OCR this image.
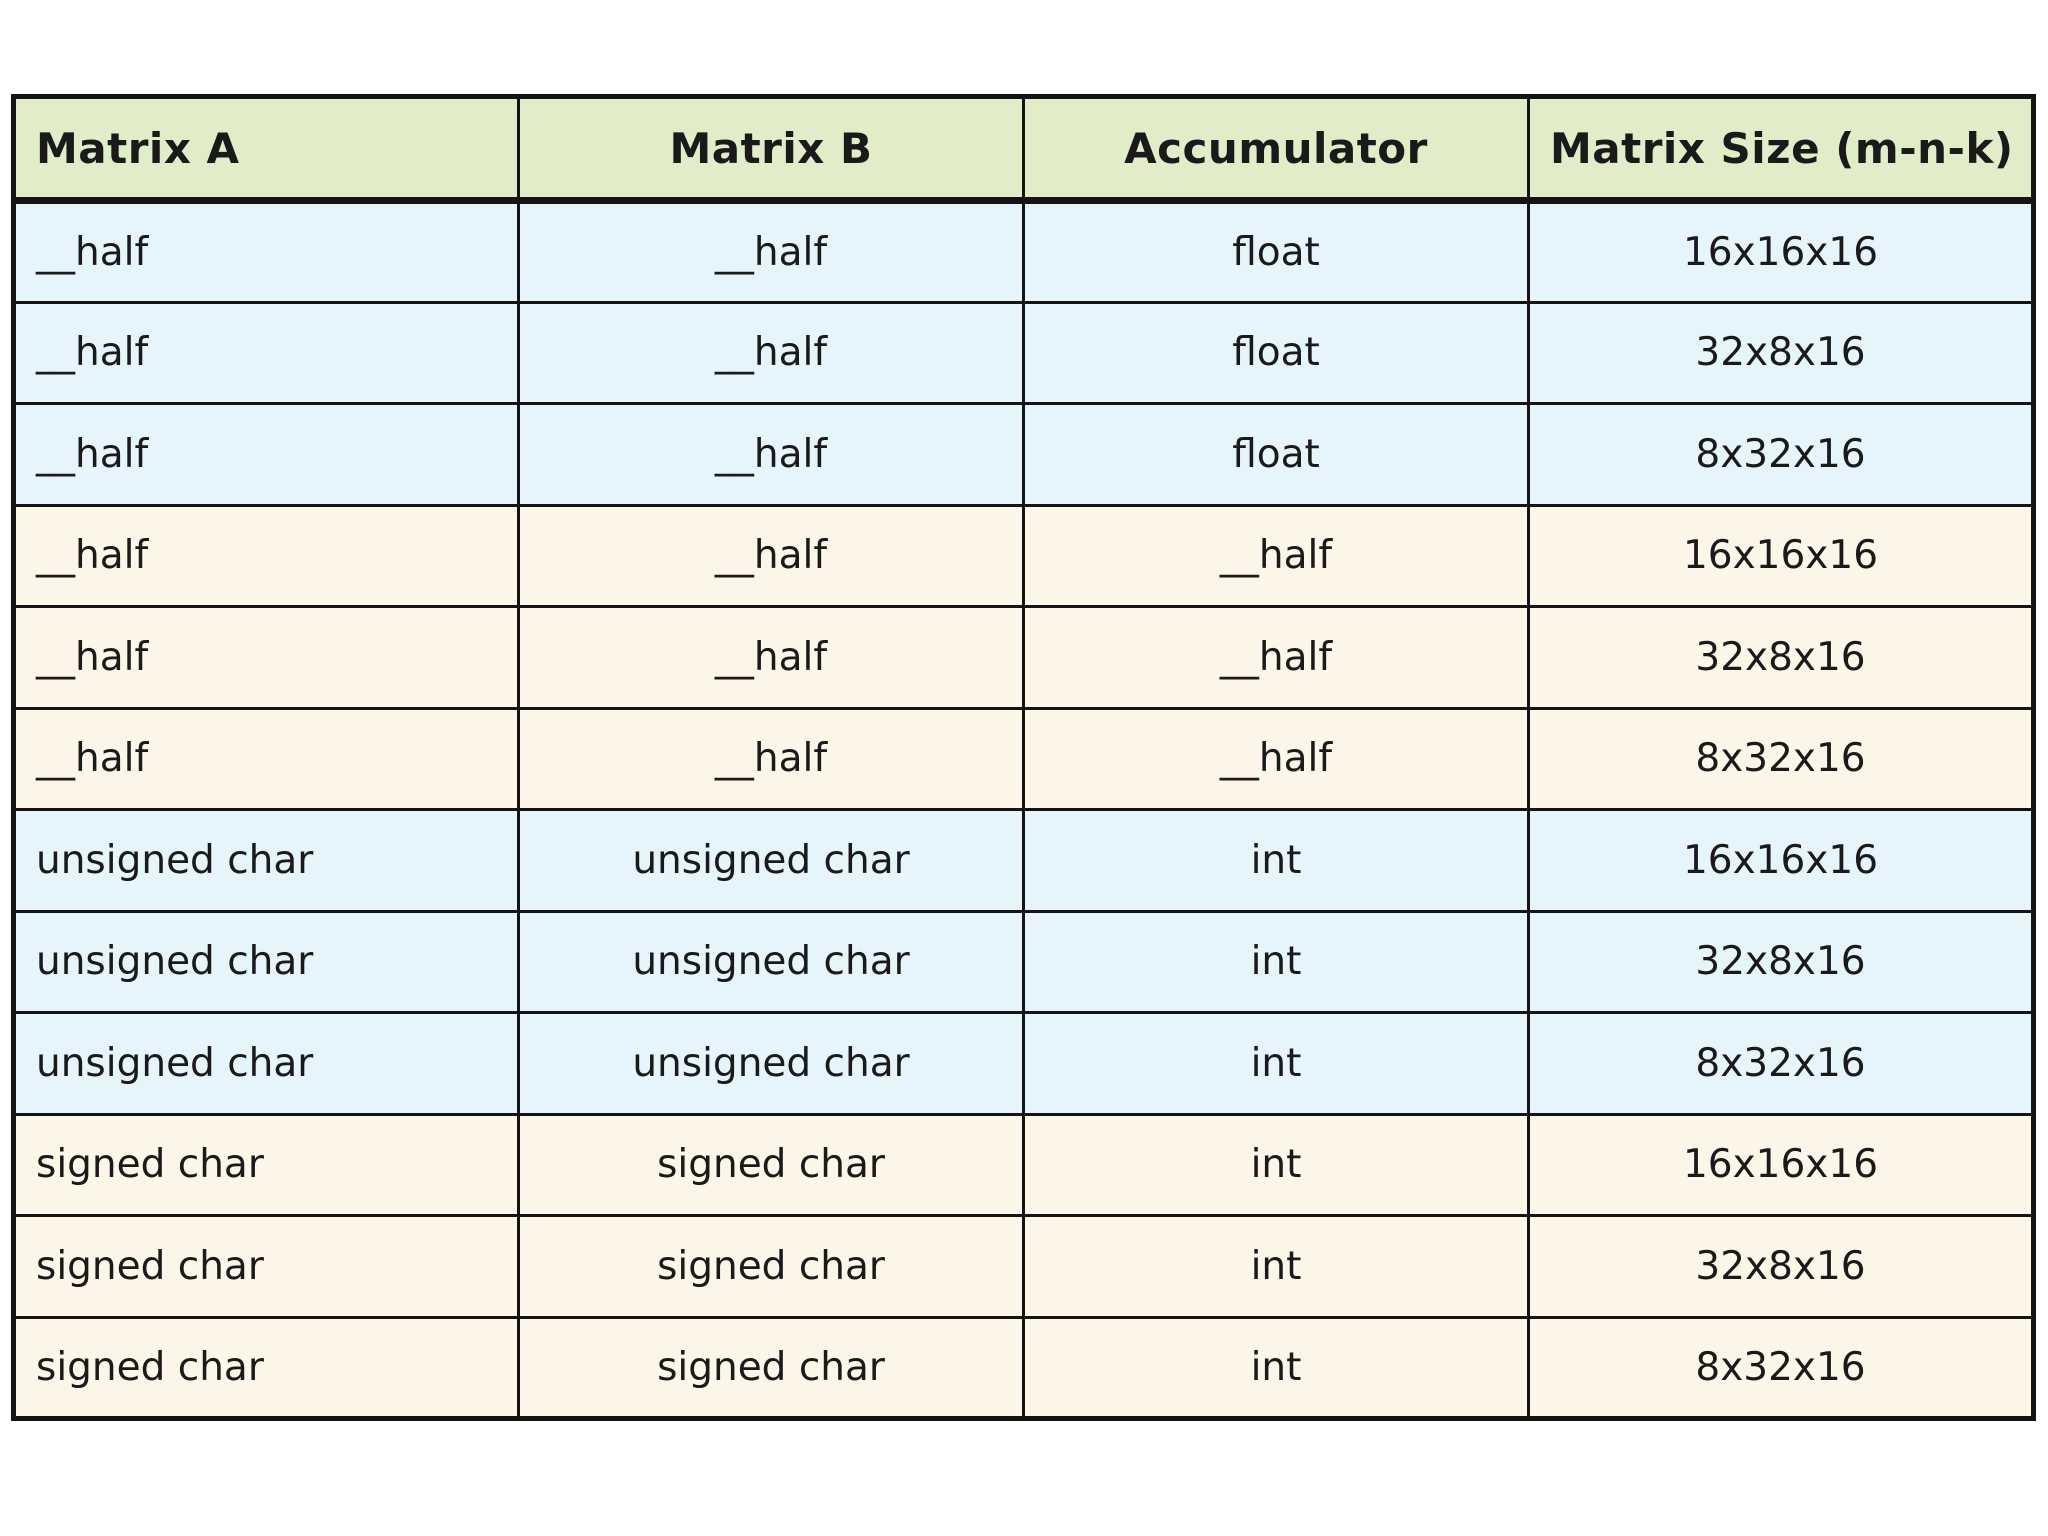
Matrix A	Matrix B	Accumulator	Matrix Size (m-n-k)
__half	__half	float	16x16x16
__half	__half	float	32x8x16
__half	__half	float	8x32x16
__half	__half	__half	16x16x16
__half	__half	__half	32x8x16
__half	__half	__half	8x32x16
unsigned char	unsigned char	int	16x16x16
unsigned char	unsigned char	int	32x8x16
unsigned char	unsigned char	int	8x32x16
signed char	signed char	int	16x16x16
signed char	signed char	int	32x8x16
signed char	signed char	int	8x32x16
